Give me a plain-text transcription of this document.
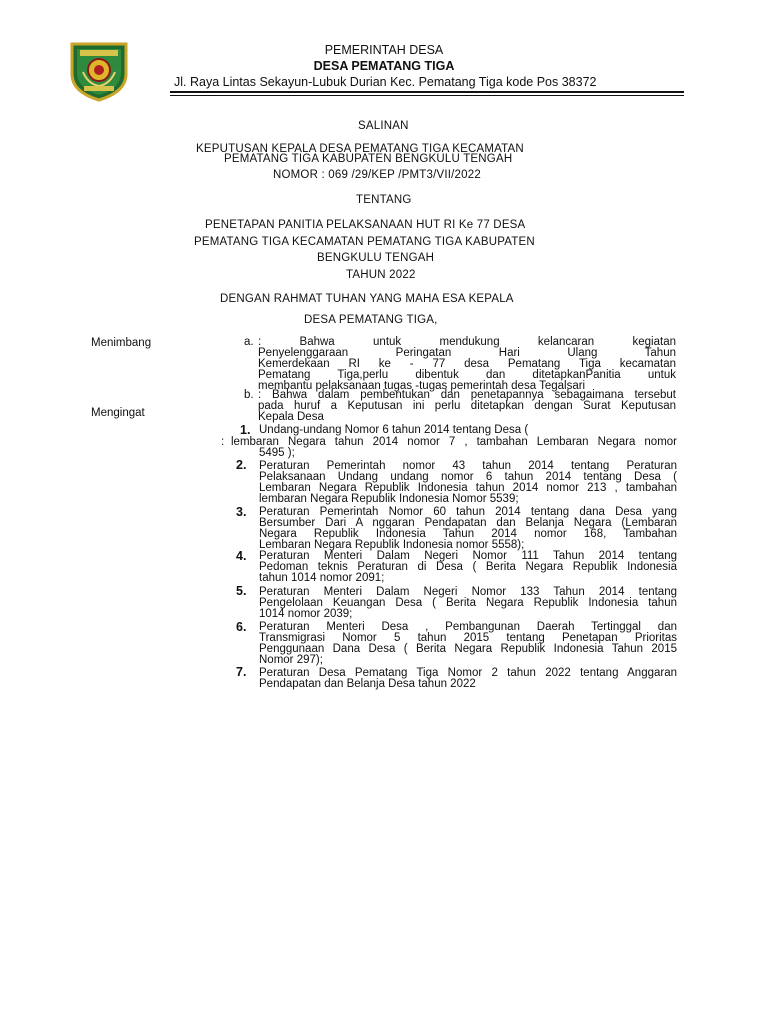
PEMERINTAH DESA
DESA PEMATANG TIGA
Jl. Raya Lintas Sekayun-Lubuk Durian Kec. Pematang Tiga kode Pos 38372
SALINAN
KEPUTUSAN KEPALA DESA PEMATANG TIGA KECAMATAN
PEMATANG TIGA KABUPATEN BENGKULU TENGAH
NOMOR : 069 /29/KEP /PMT3/VII/2022
TENTANG
PENETAPAN PANITIA PELAKSANAAN HUT RI Ke 77 DESA
PEMATANG TIGA KECAMATAN PEMATANG TIGA KABUPATEN
BENGKULU TENGAH
TAHUN 2022
DENGAN RAHMAT TUHAN YANG MAHA ESA KEPALA
DESA PEMATANG TIGA,
Menimbang	a. : Bahwa untuk mendukung kelancaran kegiatan
Penyelenggaraan Peringatan Hari Ulang Tahun
Kemerdekaan RI ke - 77 desa Pematang Tiga kecamatan
Pematang Tiga,perlu dibentuk dan ditetapkanPanitia untuk
membantu pelaksanaan tugas -tugas pemerintah desa Tegalsari
b. : Bahwa dalam pembentukan dan penetapannya sebagaimana tersebut
pada huruf a Keputusan ini perlu ditetapkan dengan Surat Keputusan
Kepala Desa
Mengingat
1. Undang-undang Nomor 6 tahun 2014 tentang Desa (
: lembaran Negara tahun 2014 nomor 7 , tambahan Lembaran Negara nomor
5495 );
2. Peraturan Pemerintah nomor 43 tahun 2014 tentang Peraturan
Pelaksanaan Undang undang nomor 6 tahun 2014 tentang Desa (
Lembaran Negara Republik Indonesia tahun 2014 nomor 213 , tambahan
lembaran Negara Republik Indonesia Nomor 5539;
3. Peraturan Pemerintah Nomor 60 tahun 2014 tentang dana Desa yang
Bersumber Dari A nggaran Pendapatan dan Belanja Negara (Lembaran
Negara Republik Indonesia Tahun 2014 nomor 168, Tambahan
Lembaran Negara Republik Indonesia nomor 5558);
4. Peraturan Menteri Dalam Negeri Nomor 111 Tahun 2014 tentang
Pedoman teknis Peraturan di Desa ( Berita Negara Republik Indonesia
tahun 1014 nomor 2091;
5. Peraturan Menteri Dalam Negeri Nomor 133 Tahun 2014 tentang
Pengelolaan Keuangan Desa ( Berita Negara Republik Indonesia tahun
1014 nomor 2039;
6. Peraturan Menteri Desa , Pembangunan Daerah Tertinggal dan
Transmigrasi Nomor 5 tahun 2015 tentang Penetapan Prioritas
Penggunaan Dana Desa ( Berita Negara Republik Indonesia Tahun 2015
Nomor 297);
7. Peraturan Desa Pematang Tiga Nomor 2 tahun 2022 tentang Anggaran
Pendapatan dan Belanja Desa tahun 2022
